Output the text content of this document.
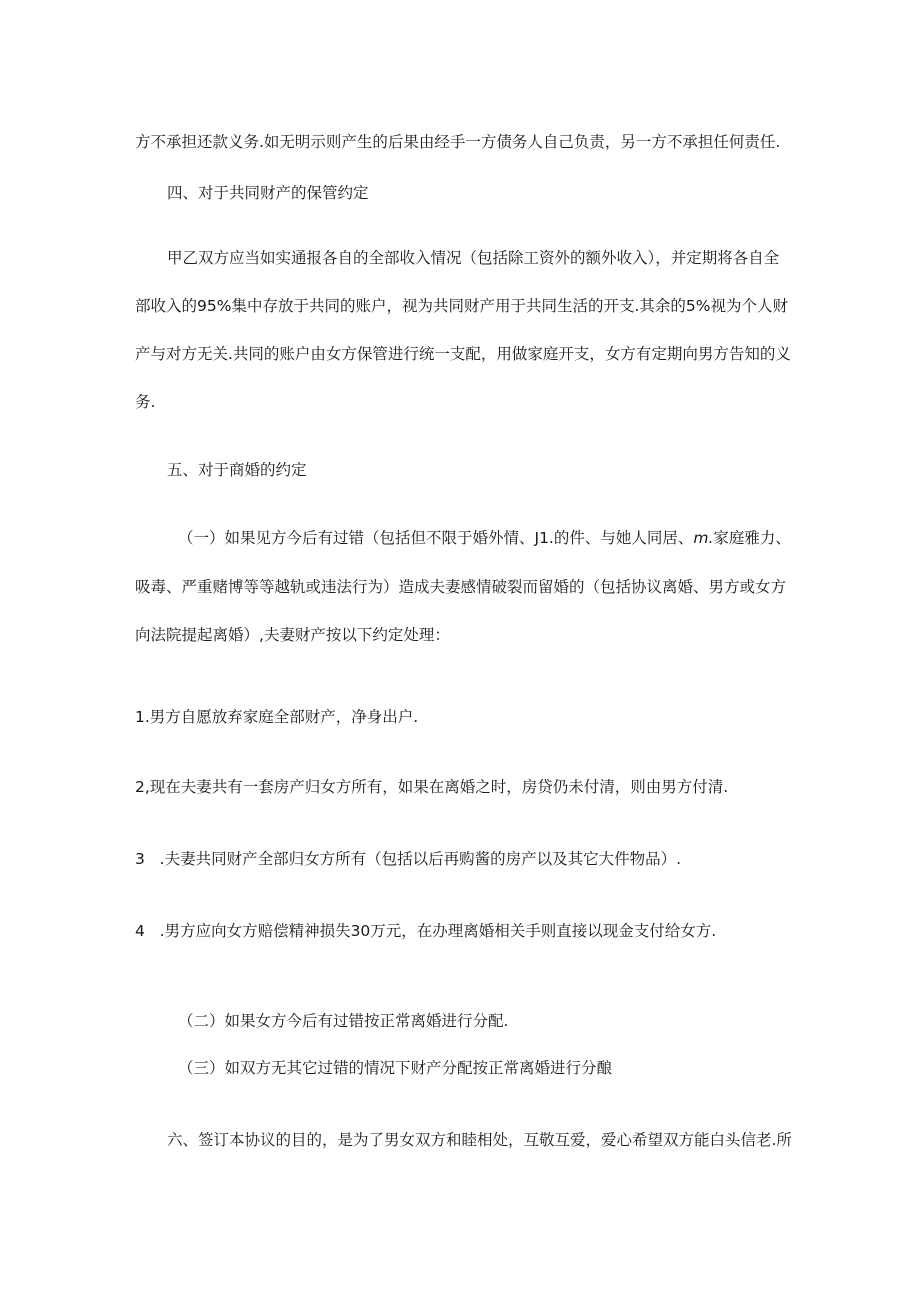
方不承担还款义务.如无明示则产生的后果由经手一方债务人自己负责，另一方不承担任何责任.
四、对于共同财产的保管约定
甲乙双方应当如实通报各自的全部收入情况（包括除工资外的额外收入），并定期将各自全
部收入的95%集中存放于共同的账户，视为共同财产用于共同生活的开支.其余的5%视为个人财
产与对方无关.共同的账户由女方保管进行统一支配，用做家庭开支，女方有定期向男方告知的义
务.
五、对于商婚的约定
（一）如果见方今后有过错（包括但不限于婚外情、J1.的件、与她人同居、m.家庭雅力、
吸毒、严重赌博等等越轨或违法行为）造成夫妻感情破裂而留婚的（包括协议离婚、男方或女方
向法院提起离婚）,夫妻财产按以下约定处理：
1.男方自愿放弃家庭全部财产，净身出户.
2,现在夫妻共有一套房产归女方所有，如果在离婚之时，房贷仍未付清，则由男方付清.
3   .夫妻共同财产全部归女方所有（包括以后再购酱的房产以及其它大件物品）.
4   .男方应向女方赔偿精神损失30万元，在办理离婚相关手则直接以现金支付给女方.
（二）如果女方今后有过错按正常离婚进行分配.
（三）如双方无其它过错的情况下财产分配按正常离婚进行分酿
六、签订本协议的目的，是为了男女双方和睦相处，互敬互爱，爱心希望双方能白头信老.所
